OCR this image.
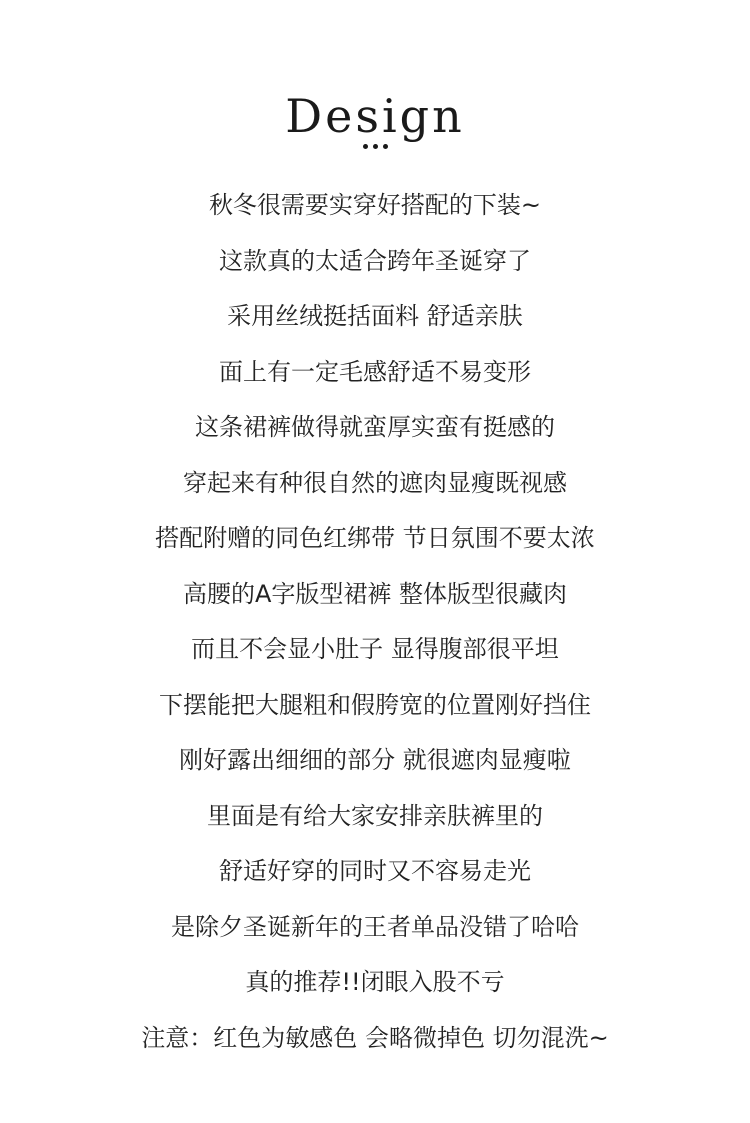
Design
秋冬很需要实穿好搭配的下装~
这款真的太适合跨年圣诞穿了
采用丝绒挺括面料 舒适亲肤
面上有一定毛感舒适不易变形
这条裙裤做得就蛮厚实蛮有挺感的
穿起来有种很自然的遮肉显瘦既视感
搭配附赠的同色红绑带 节日氛围不要太浓
高腰的A字版型裙裤 整体版型很藏肉
而且不会显小肚子 显得腹部很平坦
下摆能把大腿粗和假胯宽的位置刚好挡住
刚好露出细细的部分 就很遮肉显瘦啦
里面是有给大家安排亲肤裤里的
舒适好穿的同时又不容易走光
是除夕圣诞新年的王者单品没错了哈哈
真的推荐!!闭眼入股不亏
注意：红色为敏感色 会略微掉色 切勿混洗~
